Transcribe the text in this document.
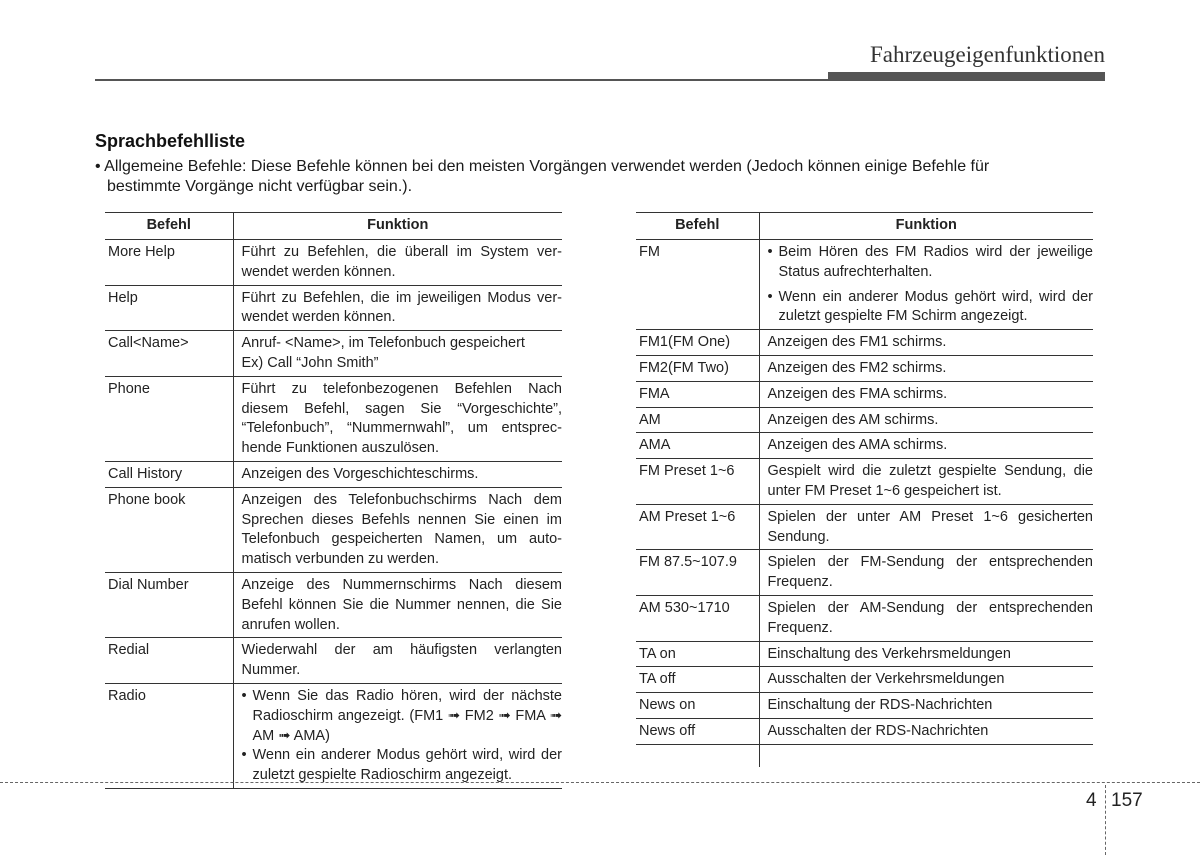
Fahrzeugeigenfunktionen
Sprachbefehlliste
• Allgemeine Befehle: Diese Befehle können bei den meisten Vorgängen verwendet werden (Jedoch können einige Befehle für
bestimmte Vorgänge nicht verfügbar sein.).
Befehl	Funktion
More Help	Führt zu Befehlen, die überall im System ver-wendet werden können.
Help	Führt zu Befehlen, die im jeweiligen Modus ver-wendet werden können.
Call<Name>	Anruf- <Name>, im Telefonbuch gespeichert
Ex) Call “John Smith”

Phone	Führt zu telefonbezogenen Befehlen Nach diesem Befehl, sagen Sie “Vorgeschichte”, “Telefonbuch”, “Nummernwahl”, um entsprec-hende Funktionen auszulösen.
Call History	Anzeigen des Vorgeschichteschirms.
Phone book	Anzeigen des Telefonbuchschirms Nach dem Sprechen dieses Befehls nennen Sie einen im Telefonbuch gespeicherten Namen, um auto-matisch verbunden zu werden.
Dial Number	Anzeige des Nummernschirms Nach diesem Befehl können Sie die Nummer nennen, die Sie anrufen wollen.
Redial	Wiederwahl der am häufigsten verlangten Nummer.
Radio	• Wenn Sie das Radio hören, wird der nächste Radioschirm angezeigt. (FM1 ➟ FM2 ➟ FMA ➟ AM ➟ AMA)
• Wenn ein anderer Modus gehört wird, wird der zuletzt gespielte Radioschirm angezeigt.
Befehl	Funktion
FM	• Beim Hören des FM Radios wird der jeweilige Status aufrechterhalten.
• Wenn ein anderer Modus gehört wird, wird der zuletzt gespielte FM Schirm angezeigt.

FM1(FM One)	Anzeigen des FM1 schirms.
FM2(FM Two)	Anzeigen des FM2 schirms.
FMA	Anzeigen des FMA schirms.
AM	Anzeigen des AM schirms.
AMA	Anzeigen des AMA schirms.
FM Preset 1~6	Gespielt wird die zuletzt gespielte Sendung, die unter FM Preset 1~6 gespeichert ist.
AM Preset 1~6	Spielen der unter AM Preset 1~6 gesicherten Sendung.
FM 87.5~107.9	Spielen der FM-Sendung der entsprechenden Frequenz.
AM 530~1710	Spielen der AM-Sendung der entsprechenden Frequenz.
TA on	Einschaltung des Verkehrsmeldungen
TA off	Ausschalten der Verkehrsmeldungen
News on	Einschaltung der RDS-Nachrichten
News off	Ausschalten der RDS-Nachrichten

4 157
